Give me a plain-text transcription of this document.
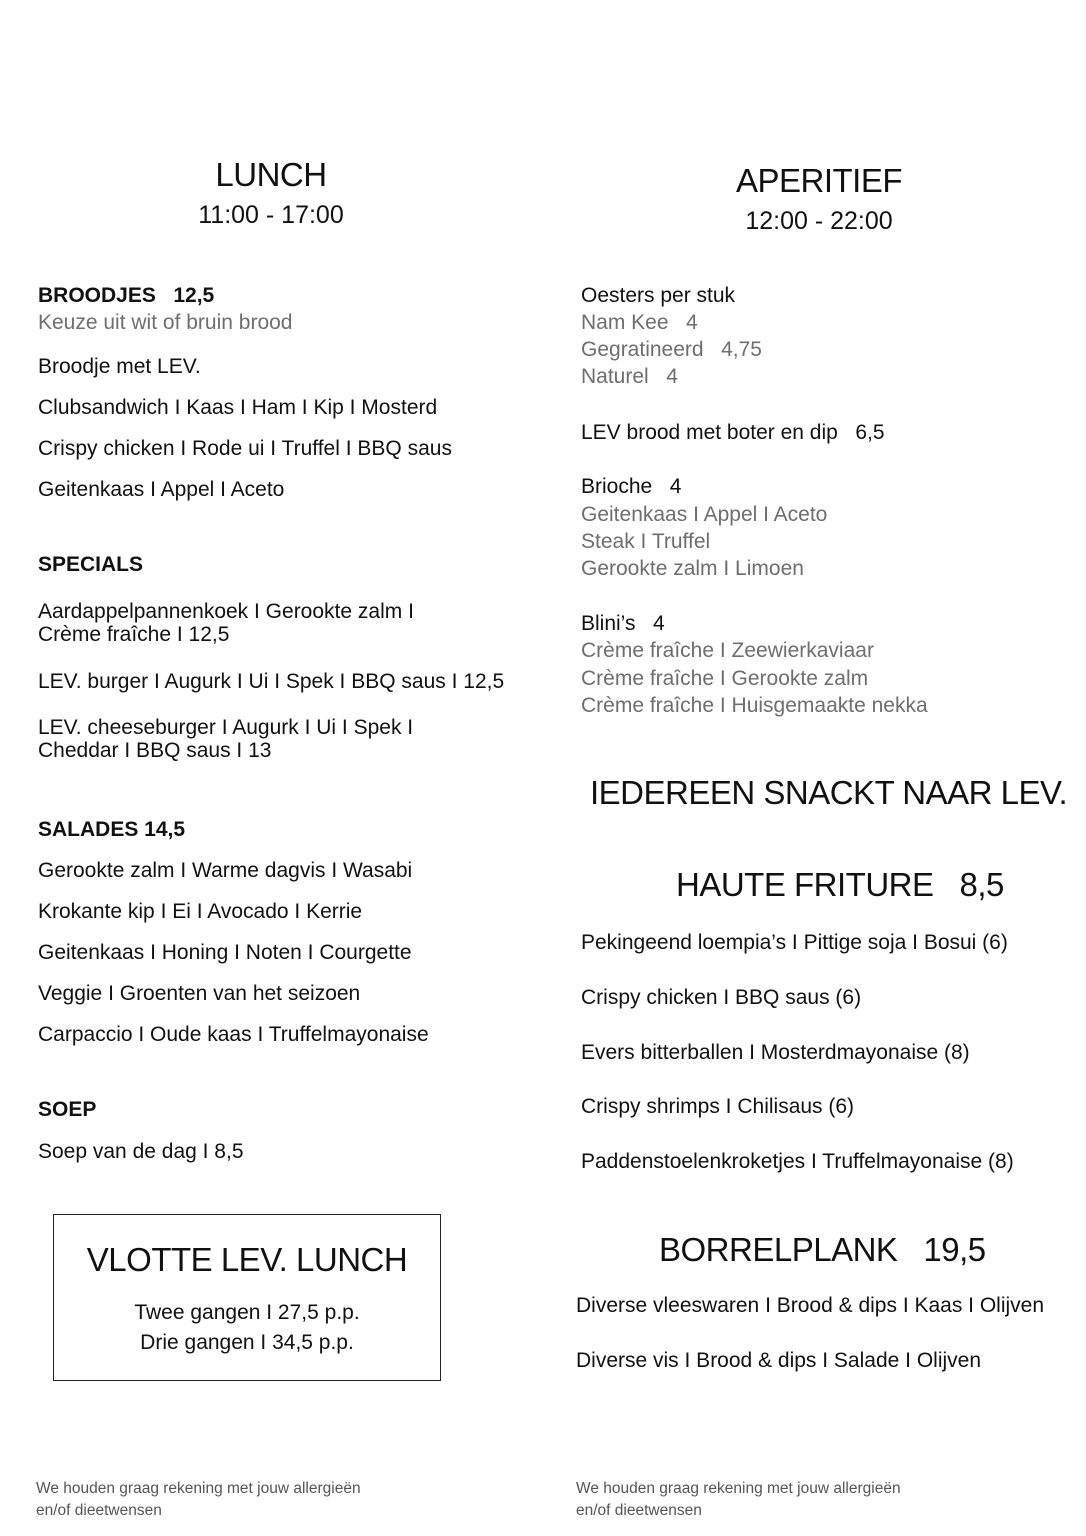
LUNCH
11:00 - 17:00
BROODJES   12,5
Keuze uit wit of bruin brood
Broodje met LEV.
Clubsandwich I Kaas I Ham I Kip I Mosterd
Crispy chicken I Rode ui I Truffel I BBQ saus
Geitenkaas I Appel I Aceto
SPECIALS
Aardappelpannenkoek I Gerookte zalm I
Crème fraîche I 12,5
LEV. burger I Augurk I Ui I Spek I BBQ saus I 12,5
LEV. cheeseburger I Augurk I Ui I Spek I
Cheddar I BBQ saus I 13
SALADES 14,5
Gerookte zalm I Warme dagvis I Wasabi
Krokante kip I Ei I Avocado I Kerrie
Geitenkaas I Honing I Noten I Courgette
Veggie I Groenten van het seizoen
Carpaccio I Oude kaas I Truffelmayonaise
SOEP
Soep van de dag I 8,5
VLOTTE LEV. LUNCH
Twee gangen I 27,5 p.p.
Drie gangen I 34,5 p.p.
We houden graag rekening met jouw allergieën
en/of dieetwensen
APERITIEF
12:00 - 22:00
Oesters per stuk
Nam Kee   4
Gegratineerd   4,75
Naturel   4
LEV brood met boter en dip   6,5
Brioche   4
Geitenkaas I Appel I Aceto
Steak I Truffel
Gerookte zalm I Limoen
Blini’s   4
Crème fraîche I Zeewierkaviaar
Crème fraîche I Gerookte zalm
Crème fraîche I Huisgemaakte nekka
IEDEREEN SNACKT NAAR LEV.
HAUTE FRITURE   8,5
Pekingeend loempia’s I Pittige soja I Bosui (6)
Crispy chicken I BBQ saus (6)
Evers bitterballen I Mosterdmayonaise (8)
Crispy shrimps I Chilisaus (6)
Paddenstoelenkroketjes I Truffelmayonaise (8)
BORRELPLANK   19,5
Diverse vleeswaren I Brood & dips I Kaas I Olijven
Diverse vis I Brood & dips I Salade I Olijven
We houden graag rekening met jouw allergieën
en/of dieetwensen
